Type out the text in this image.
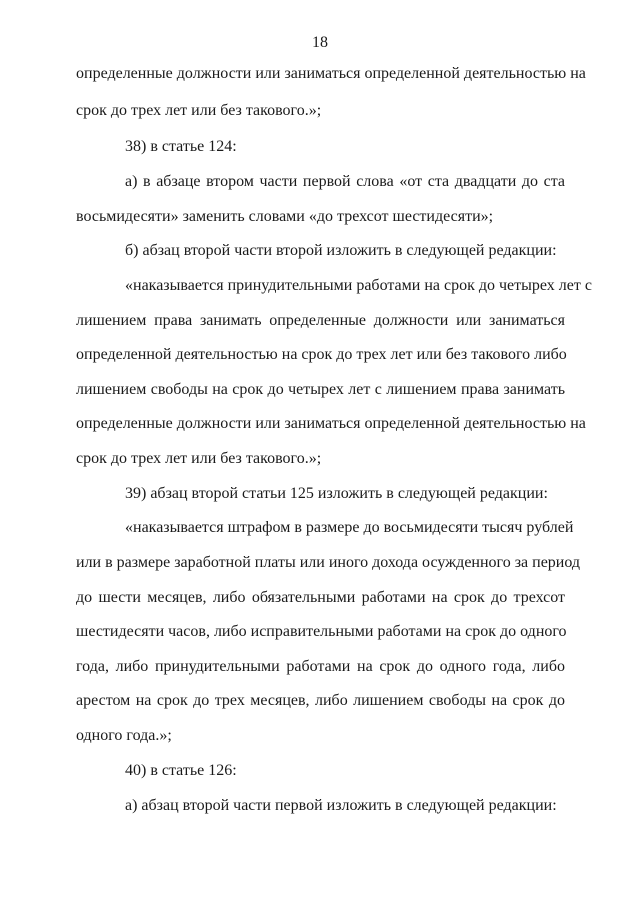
18
определенные должности или заниматься определенной деятельностью на
срок до трех лет или без такового.»;
38) в статье 124:
а) в абзаце втором части первой слова «от ста двадцати до ста
восьмидесяти» заменить словами «до трехсот шестидесяти»;
б) абзац второй части второй изложить в следующей редакции:
«наказывается принудительными работами на срок до четырех лет с
лишением права занимать определенные должности или заниматься
определенной деятельностью на срок до трех лет или без такового либо
лишением свободы на срок до четырех лет с лишением права занимать
определенные должности или заниматься определенной деятельностью на
срок до трех лет или без такового.»;
39) абзац второй статьи 125 изложить в следующей редакции:
«наказывается штрафом в размере до восьмидесяти тысяч рублей
или в размере заработной платы или иного дохода осужденного за период
до шести месяцев, либо обязательными работами на срок до трехсот
шестидесяти часов, либо исправительными работами на срок до одного
года, либо принудительными работами на срок до одного года, либо
арестом на срок до трех месяцев, либо лишением свободы на срок до
одного года.»;
40) в статье 126:
а) абзац второй части первой изложить в следующей редакции:
